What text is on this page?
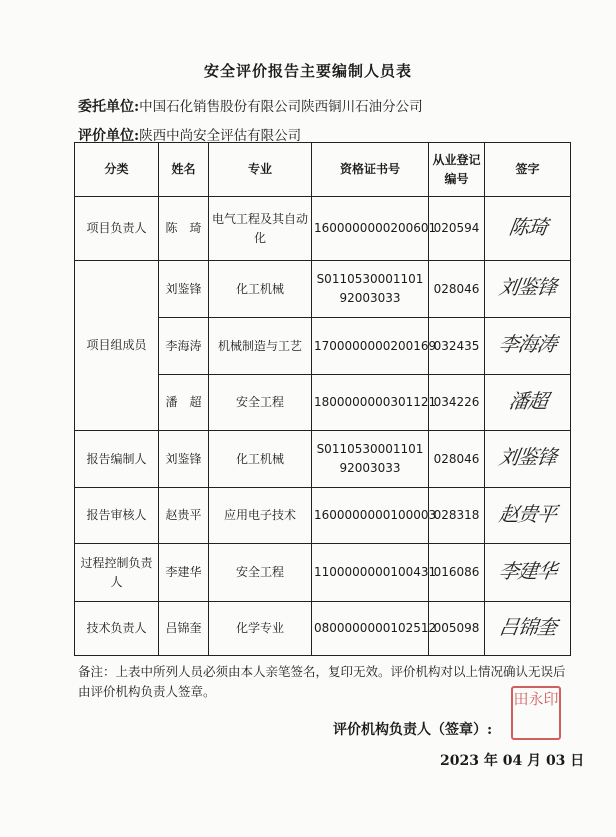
安全评价报告主要编制人员表
委托单位:中国石化销售股份有限公司陕西铜川石油分公司
评价单位:陕西中尚安全评估有限公司
分类	姓名	专业	资格证书号	从业登记编号	签字
项目负责人	陈　琦	电气工程及其自动化	1600000000200601	020594	陈琦
项目组成员	刘鉴锋	化工机械	S011053000110192003033	028046	刘鉴锋
	李海涛	机械制造与工艺	1700000000200169	032435	李海涛
	潘　超	安全工程	1800000000301121	034226	潘超
报告编制人	刘鉴锋	化工机械	S011053000110192003033	028046	刘鉴锋
报告审核人	赵贵平	应用电子技术	1600000000100003	028318	赵贵平
过程控制负责人	李建华	安全工程	1100000000100431	016086	李建华
技术负责人	吕锦奎	化学专业	0800000000102512	005098	吕锦奎
备注：上表中所列人员必须由本人亲笔签名，复印无效。评价机构对以上情况确认无误后由评价机构负责人签章。	田永印
评价机构负责人（签章）:
2023 年 04 月 03 日
